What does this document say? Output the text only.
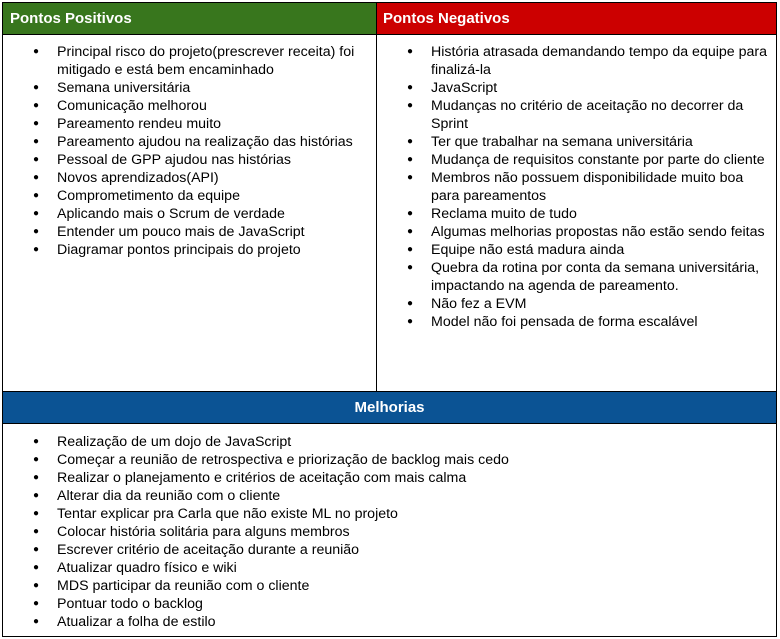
Pontos Positivos	Pontos Negativos
● Principal risco do projeto(prescrever receita) foi mitigado e está bem encaminhado
● Semana universitária
● Comunicação melhorou
● Pareamento rendeu muito
● Pareamento ajudou na realização das histórias
● Pessoal de GPP ajudou nas histórias
● Novos aprendizados(API)
● Comprometimento da equipe
● Aplicando mais o Scrum de verdade
● Entender um pouco mais de JavaScript
● Diagramar pontos principais do projeto
● História atrasada demandando tempo da equipe para finalizá-la
● JavaScript
● Mudanças no critério de aceitação no decorrer da Sprint
● Ter que trabalhar na semana universitária
● Mudança de requisitos constante por parte do cliente
● Membros não possuem disponibilidade muito boa para pareamentos
● Reclama muito de tudo
● Algumas melhorias propostas não estão sendo feitas
● Equipe não está madura ainda
● Quebra da rotina por conta da semana universitária, impactando na agenda de pareamento.
● Não fez a EVM
● Model não foi pensada de forma escalável
Melhorias
● Realização de um dojo de JavaScript
● Começar a reunião de retrospectiva e priorização de backlog mais cedo
● Realizar o planejamento e critérios de aceitação com mais calma
● Alterar dia da reunião com o cliente
● Tentar explicar pra Carla que não existe ML no projeto
● Colocar história solitária para alguns membros
● Escrever critério de aceitação durante a reunião
● Atualizar quadro físico e wiki
● MDS participar da reunião com o cliente
● Pontuar todo o backlog
● Atualizar a folha de estilo
